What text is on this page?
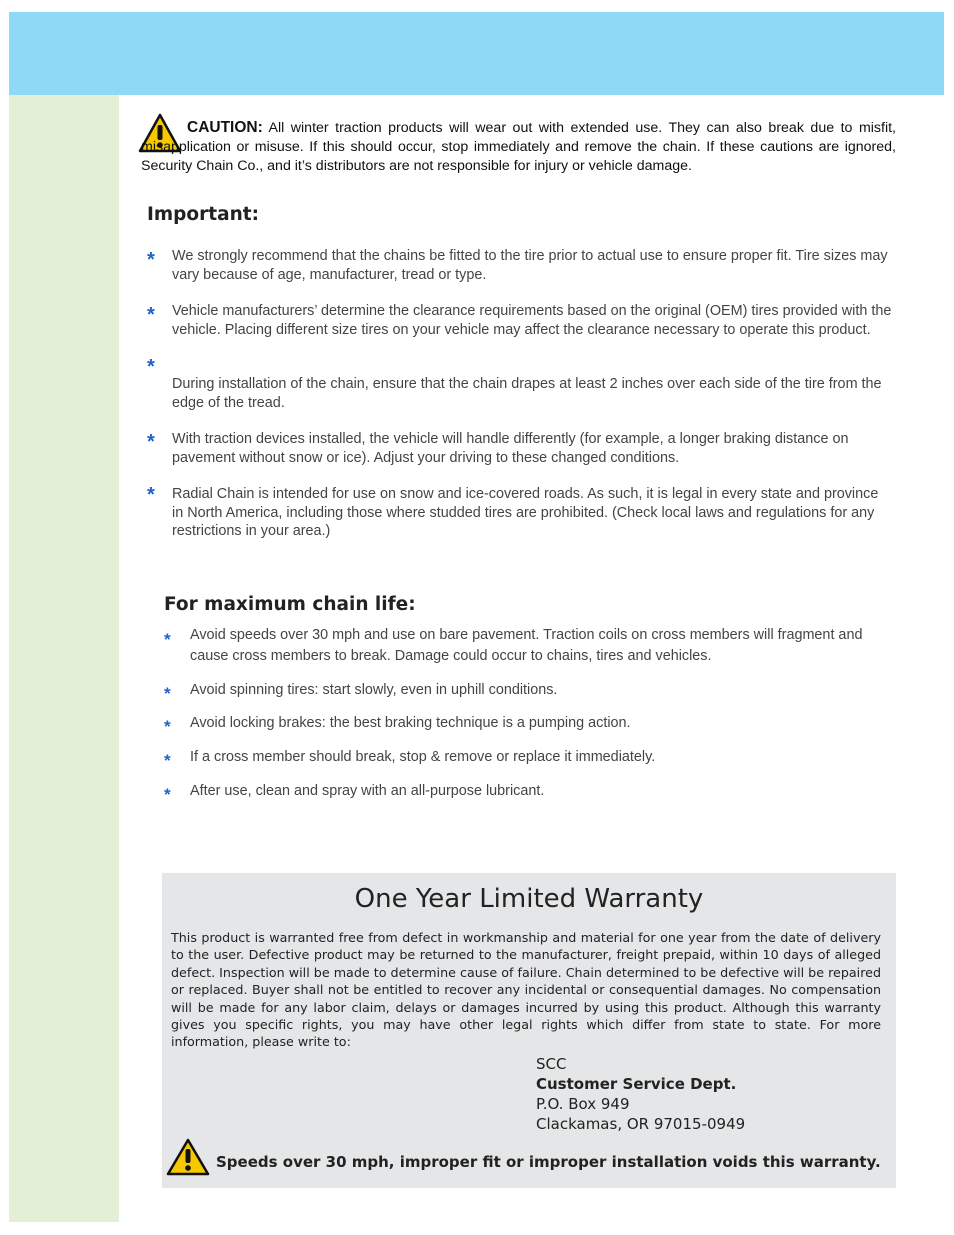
CAUTION: All winter traction products will wear out with extended use. They can also break due to misfit, misapplication or misuse. If this should occur, stop immediately and remove the chain. If these cautions are ignored, Security Chain Co., and it’s distributors are not responsible for injury or vehicle damage.
Important:
* We strongly recommend that the chains be fitted to the tire prior to actual use to ensure proper fit. Tire sizes may vary because of age, manufacturer, tread or type.
* Vehicle manufacturers’ determine the clearance requirements based on the original (OEM) tires provided with the vehicle. Placing different size tires on your vehicle may affect the clearance necessary to operate this product.
*
During installation of the chain, ensure that the chain drapes at least 2 inches over each side of the tire from the edge of the tread.
* With traction devices installed, the vehicle will handle differently (for example, a longer braking distance on pavement without snow or ice). Adjust your driving to these changed conditions.
* Radial Chain is intended for use on snow and ice-covered roads. As such, it is legal in every state and province in North America, including those where studded tires are prohibited. (Check local laws and regulations for any restrictions in your area.)
For maximum chain life:
* Avoid speeds over 30 mph and use on bare pavement. Traction coils on cross members will fragment and cause cross members to break. Damage could occur to chains, tires and vehicles.
* Avoid spinning tires: start slowly, even in uphill conditions.
* Avoid locking brakes: the best braking technique is a pumping action.
* If a cross member should break, stop & remove or replace it immediately.
* After use, clean and spray with an all-purpose lubricant.
One Year Limited Warranty
This product is warranted free from defect in workmanship and material for one year from the date of delivery to the user. Defective product may be returned to the manufacturer, freight prepaid, within 10 days of alleged defect. Inspection will be made to determine cause of failure. Chain determined to be defective will be repaired or replaced. Buyer shall not be entitled to recover any incidental or consequential damages. No compensation will be made for any labor claim, delays or damages incurred by using this product. Although this warranty gives you specific rights, you may have other legal rights which differ from state to state. For more information, please write to:
SCC
Customer Service Dept.
P.O. Box 949
Clackamas, OR 97015-0949
Speeds over 30 mph, improper fit or improper installation voids this warranty.
